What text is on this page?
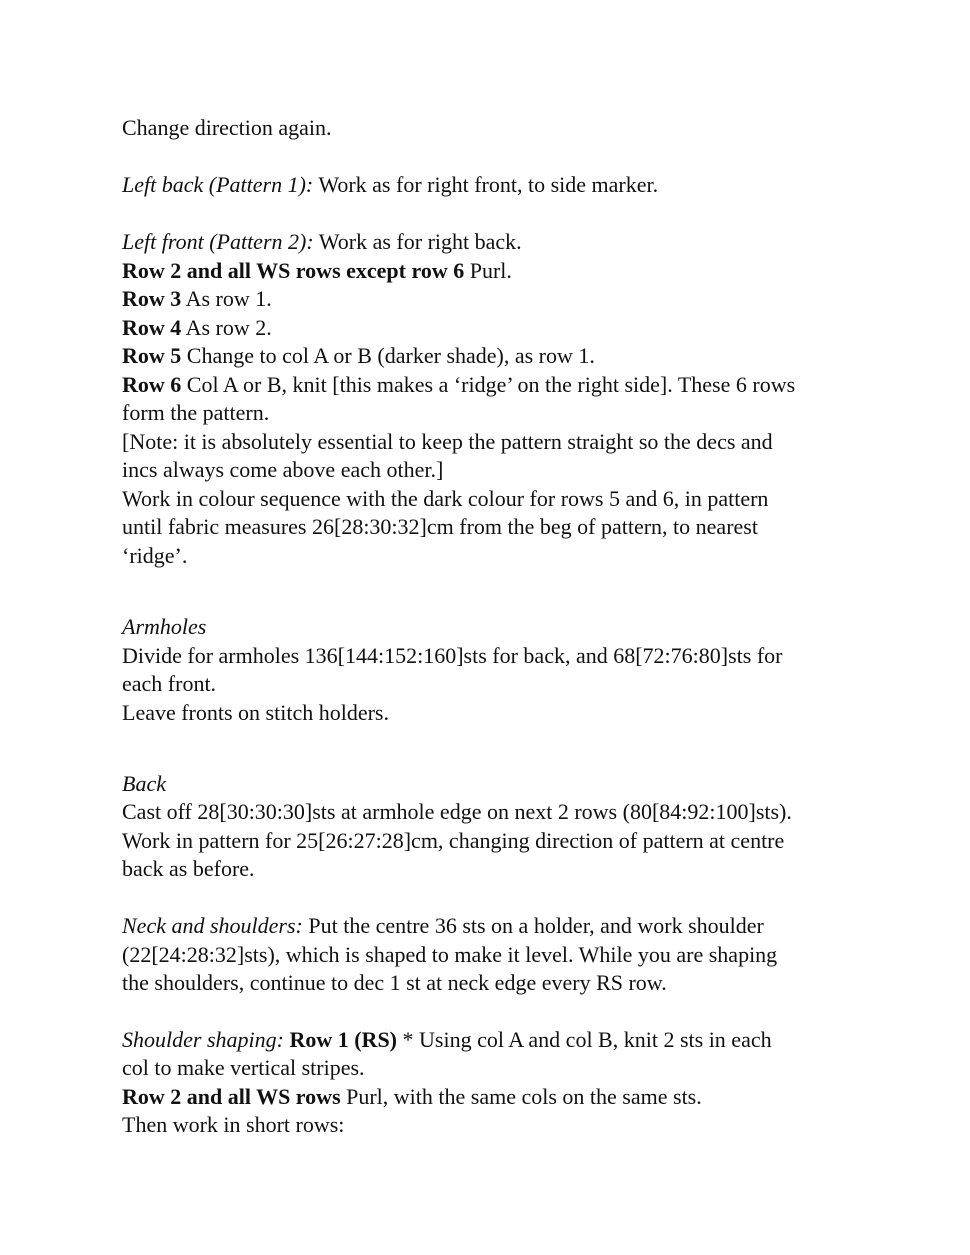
Change direction again.
Left back (Pattern 1): Work as for right front, to side marker.
Left front (Pattern 2): Work as for right back.
Row 2 and all WS rows except row 6 Purl.
Row 3 As row 1.
Row 4 As row 2.
Row 5 Change to col A or B (darker shade), as row 1.
Row 6 Col A or B, knit [this makes a ‘ridge’ on the right side]. These 6 rows
form the pattern.
[Note: it is absolutely essential to keep the pattern straight so the decs and
incs always come above each other.]
Work in colour sequence with the dark colour for rows 5 and 6, in pattern
until fabric measures 26[28:30:32]cm from the beg of pattern, to nearest
‘ridge’.
Armholes
Divide for armholes 136[144:152:160]sts for back, and 68[72:76:80]sts for
each front.
Leave fronts on stitch holders.
Back
Cast off 28[30:30:30]sts at armhole edge on next 2 rows (80[84:92:100]sts).
Work in pattern for 25[26:27:28]cm, changing direction of pattern at centre
back as before.
Neck and shoulders: Put the centre 36 sts on a holder, and work shoulder
(22[24:28:32]sts), which is shaped to make it level. While you are shaping
the shoulders, continue to dec 1 st at neck edge every RS row.
Shoulder shaping: Row 1 (RS) * Using col A and col B, knit 2 sts in each
col to make vertical stripes.
Row 2 and all WS rows Purl, with the same cols on the same sts.
Then work in short rows:
